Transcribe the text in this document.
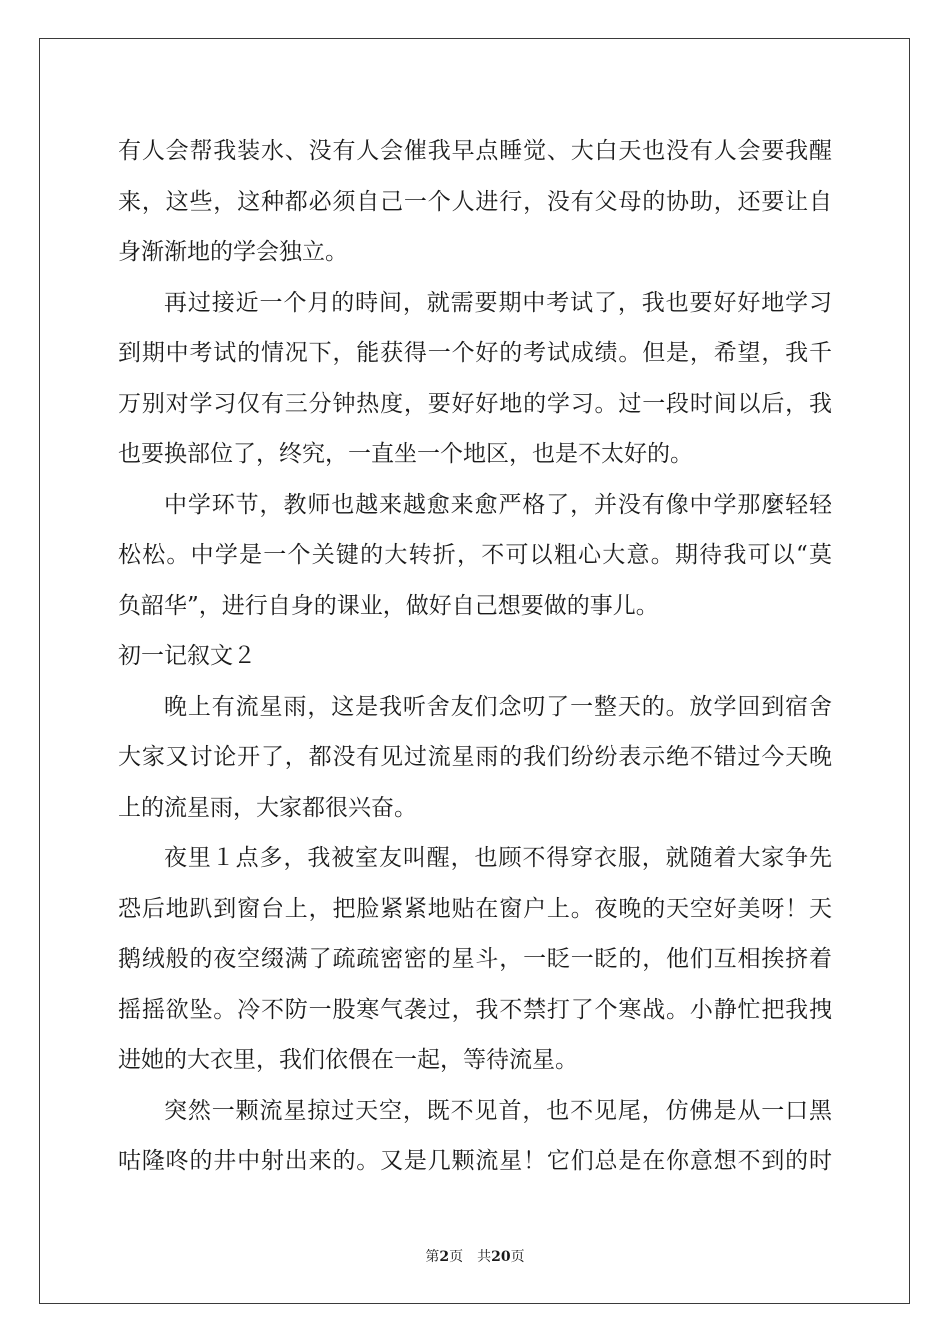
有人会帮我装水、没有人会催我早点睡觉、大白天也没有人会要我醒
来，这些，这种都必须自己一个人进行，没有父母的协助，还要让自
身渐渐地的学会独立。
再过接近一个月的時间，就需要期中考试了，我也要好好地学习
到期中考试的情况下，能获得一个好的考试成绩。但是，希望，我千
万别对学习仅有三分钟热度，要好好地的学习。过一段时间以后，我
也要换部位了，终究，一直坐一个地区，也是不太好的。
中学环节，教师也越来越愈来愈严格了，并没有像中学那麼轻轻
松松。中学是一个关键的大转折，不可以粗心大意。期待我可以“莫
负韶华”，进行自身的课业，做好自己想要做的事儿。
初一记叙文２
晚上有流星雨，这是我听舍友们念叨了一整天的。放学回到宿舍
大家又讨论开了，都没有见过流星雨的我们纷纷表示绝不错过今天晚
上的流星雨，大家都很兴奋。
夜里１点多，我被室友叫醒，也顾不得穿衣服，就随着大家争先
恐后地趴到窗台上，把脸紧紧地贴在窗户上。夜晚的天空好美呀！天
鹅绒般的夜空缀满了疏疏密密的星斗，一眨一眨的，他们互相挨挤着
摇摇欲坠。冷不防一股寒气袭过，我不禁打了个寒战。小静忙把我拽
进她的大衣里，我们依偎在一起，等待流星。
突然一颗流星掠过天空，既不见首，也不见尾，仿佛是从一口黑
咕隆咚的井中射出来的。又是几颗流星！它们总是在你意想不到的时
第2页 共20页
